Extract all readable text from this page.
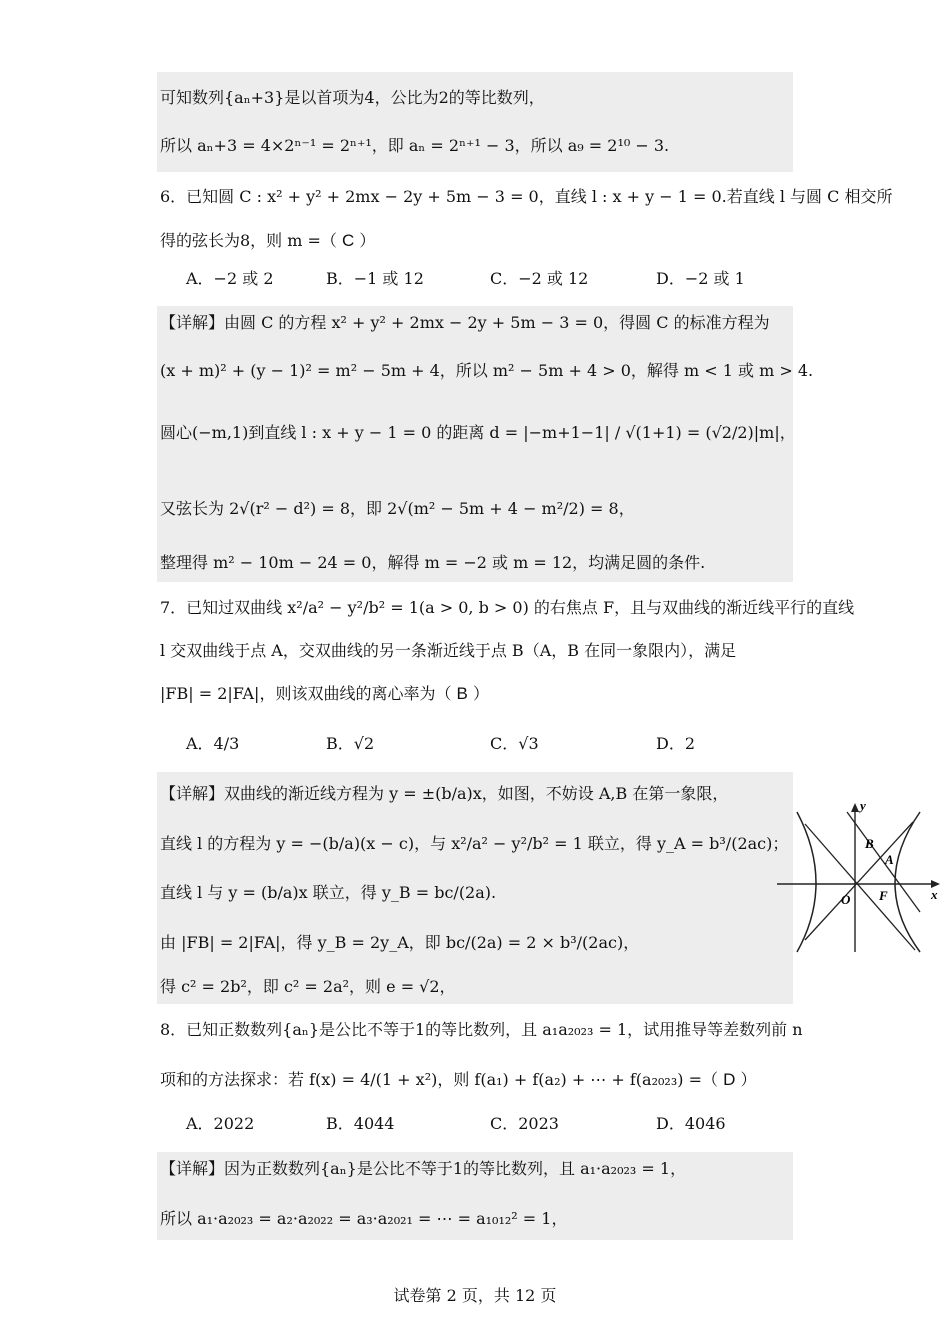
可知数列{aₙ+3}是以首项为4，公比为2的等比数列，
所以 aₙ+3 = 4×2ⁿ⁻¹ = 2ⁿ⁺¹，即 aₙ = 2ⁿ⁺¹ − 3，所以 a₉ = 2¹⁰ − 3.
6．已知圆 C : x² + y² + 2mx − 2y + 5m − 3 = 0，直线 l : x + y − 1 = 0.若直线 l 与圆 C 相交所
得的弦长为8，则 m =（ C ）
A．−2 或 2	B．−1 或 12	C．−2 或 12	D．−2 或 1
【详解】由圆 C 的方程 x² + y² + 2mx − 2y + 5m − 3 = 0，得圆 C 的标准方程为
(x + m)² + (y − 1)² = m² − 5m + 4，所以 m² − 5m + 4 > 0，解得 m < 1 或 m > 4.
圆心(−m,1)到直线 l : x + y − 1 = 0 的距离 d = |−m+1−1| / √(1+1) = (√2/2)|m|，
又弦长为 2√(r² − d²) = 8，即 2√(m² − 5m + 4 − m²/2) = 8，
整理得 m² − 10m − 24 = 0，解得 m = −2 或 m = 12，均满足圆的条件.
7．已知过双曲线 x²/a² − y²/b² = 1(a > 0, b > 0) 的右焦点 F，且与双曲线的渐近线平行的直线
l 交双曲线于点 A，交双曲线的另一条渐近线于点 B（A，B 在同一象限内），满足
|FB| = 2|FA|，则该双曲线的离心率为（ B ）
A．4/3	B．√2	C．√3	D．2
【详解】双曲线的渐近线方程为 y = ±(b/a)x，如图，不妨设 A,B 在第一象限，
直线 l 的方程为 y = −(b/a)(x − c)，与 x²/a² − y²/b² = 1 联立，得 y_A = b³/(2ac)；
直线 l 与 y = (b/a)x 联立，得 y_B = bc/(2a).
由 |FB| = 2|FA|，得 y_B = 2y_A，即 bc/(2a) = 2 × b³/(2ac)，
得 c² = 2b²，即 c² = 2a²，则 e = √2，
y
x
O
A
B
F
8．已知正数数列{aₙ}是公比不等于1的等比数列，且 a₁a₂₀₂₃ = 1，试用推导等差数列前 n
项和的方法探求：若 f(x) = 4/(1 + x²)，则 f(a₁) + f(a₂) + ⋯ + f(a₂₀₂₃) =（ D ）
A．2022	B．4044	C．2023	D．4046
【详解】因为正数数列{aₙ}是公比不等于1的等比数列，且 a₁·a₂₀₂₃ = 1，
所以 a₁·a₂₀₂₃ = a₂·a₂₀₂₂ = a₃·a₂₀₂₁ = ⋯ = a₁₀₁₂² = 1，
试卷第 2 页，共 12 页
